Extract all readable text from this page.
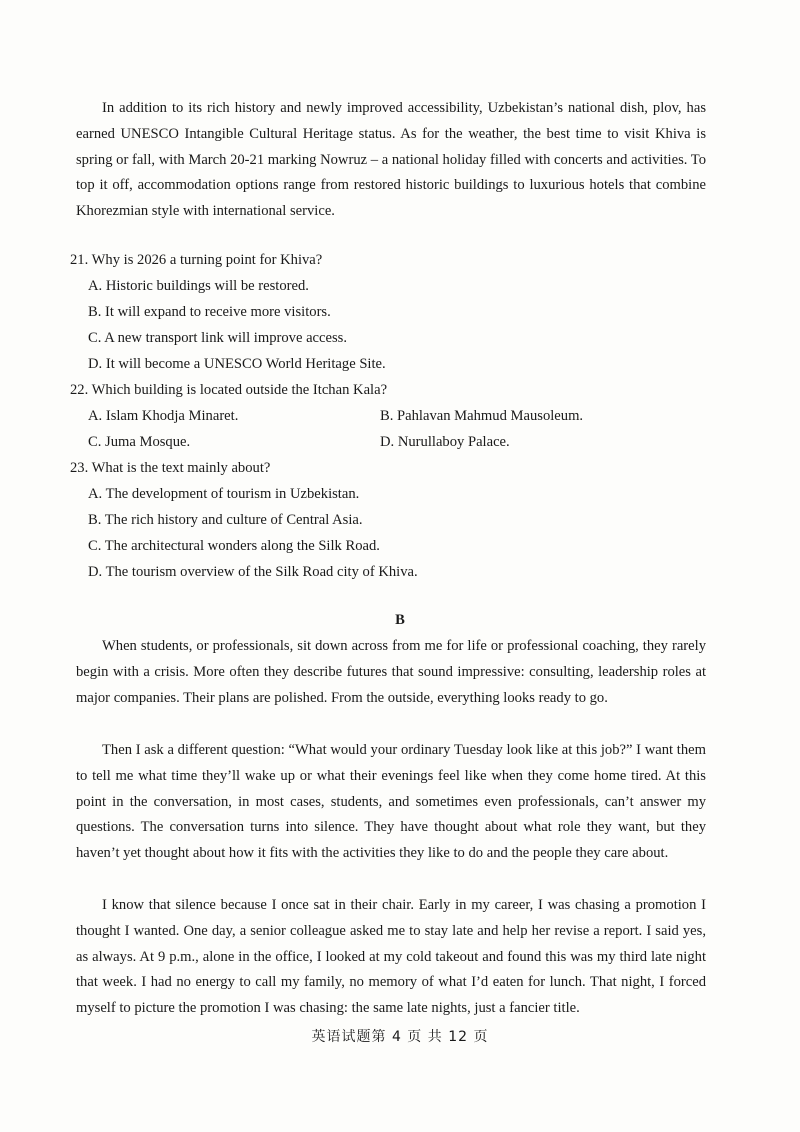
In addition to its rich history and newly improved accessibility, Uzbekistan’s national dish, plov, has earned UNESCO Intangible Cultural Heritage status. As for the weather, the best time to visit Khiva is spring or fall, with March 20-21 marking Nowruz – a national holiday filled with concerts and activities. To top it off, accommodation options range from restored historic buildings to luxurious hotels that combine Khorezmian style with international service.

21. Why is 2026 a turning point for Khiva?

A. Historic buildings will be restored.

B. It will expand to receive more visitors.

C. A new transport link will improve access.

D. It will become a UNESCO World Heritage Site.

22. Which building is located outside the Itchan Kala?

A. Islam Khodja Minaret.	B. Pahlavan Mahmud Mausoleum.

C. Juma Mosque.	D. Nurullaboy Palace.

23. What is the text mainly about?

A. The development of tourism in Uzbekistan.

B. The rich history and culture of Central Asia.

C. The architectural wonders along the Silk Road.

D. The tourism overview of the Silk Road city of Khiva.

B

When students, or professionals, sit down across from me for life or professional coaching, they rarely begin with a crisis. More often they describe futures that sound impressive: consulting, leadership roles at major companies. Their plans are polished. From the outside, everything looks ready to go.

Then I ask a different question: “What would your ordinary Tuesday look like at this job?” I want them to tell me what time they’ll wake up or what their evenings feel like when they come home tired. At this point in the conversation, in most cases, students, and sometimes even professionals, can’t answer my questions. The conversation turns into silence. They have thought about what role they want, but they haven’t yet thought about how it fits with the activities they like to do and the people they care about.

I know that silence because I once sat in their chair. Early in my career, I was chasing a promotion I thought I wanted. One day, a senior colleague asked me to stay late and help her revise a report. I said yes, as always. At 9 p.m., alone in the office, I looked at my cold takeout and found this was my third late night that week. I had no energy to call my family, no memory of what I’d eaten for lunch. That night, I forced myself to picture the promotion I was chasing: the same late nights, just a fancier title.

英语试题第 4 页 共 12 页
